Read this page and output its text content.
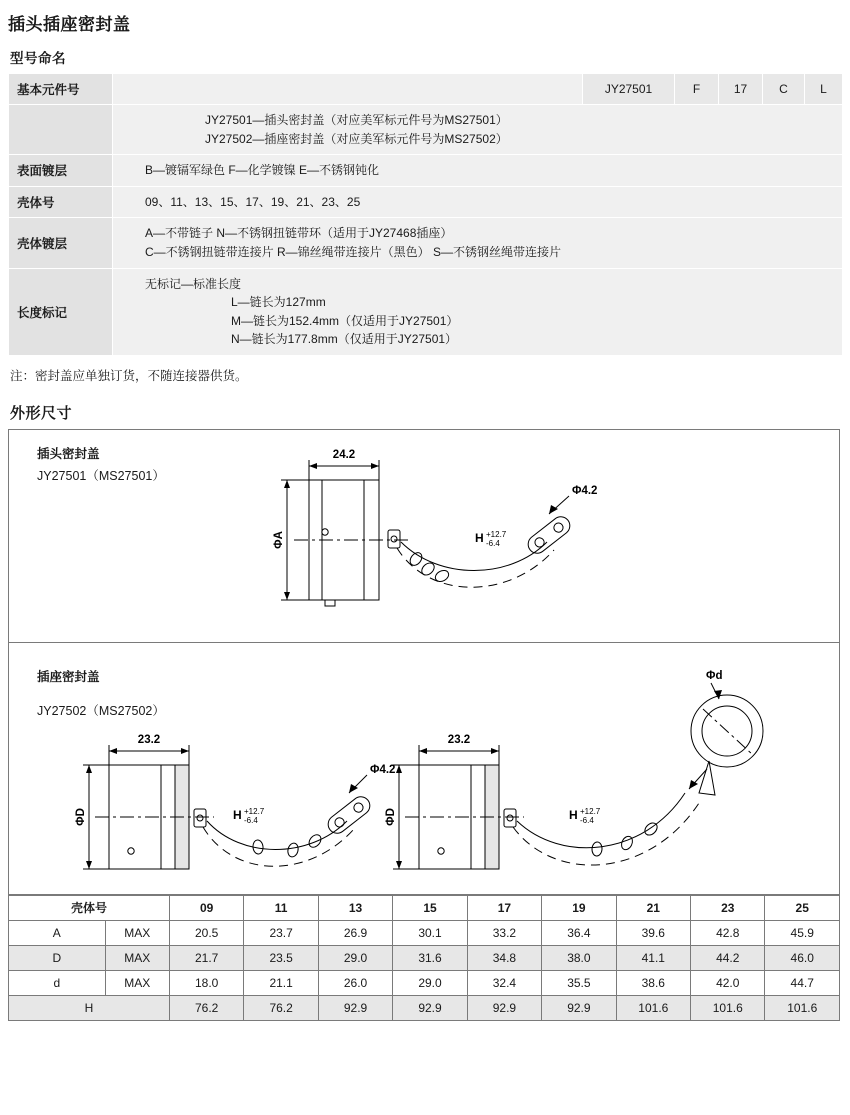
插头插座密封盖
型号命名
基本元件号		JY27501	F	17	C	L

	JY27501—插头密封盖（对应美军标元件号为MS27501）
JY27502—插座密封盖（对应美军标元件号为MS27502）					

表面镀层	B—镀镉军绿色 F—化学镀镍 E—不锈钢钝化					

壳体号	09、11、13、15、17、19、21、23、25					

壳体镀层	A—不带链子 N—不锈钢扭链带环（适用于JY27468插座）
C—不锈钢扭链带连接片 R—锦丝绳带连接片（黑色） S—不锈钢丝绳带连接片					

长度标记	无标记—标准长度
L—链长为127mm
M—链长为152.4mm（仅适用于JY27501）
N—链长为177.8mm（仅适用于JY27501）					
注：密封盖应单独订货，不随连接器供货。
外形尺寸
插头密封盖
JY27501（MS27501）
24.2
ΦA
Φ4.2
H +12.7
-6.4
插座密封盖
JY27502（MS27502）
23.2
ΦD
Φ4.2
H +12.7
-6.4
23.2
ΦD	H +12.7
-6.4
Φd
壳体号		09	11	13	15	17	19	21	23	25
A	MAX	20.5	23.7	26.9	30.1	33.2	36.4	39.6	42.8	45.9
D	MAX	21.7	23.5	29.0	31.6	34.8	38.0	41.1	44.2	46.0
d	MAX	18.0	21.1	26.0	29.0	32.4	35.5	38.6	42.0	44.7
H		76.2	76.2	92.9	92.9	92.9	92.9	101.6	101.6	101.6
